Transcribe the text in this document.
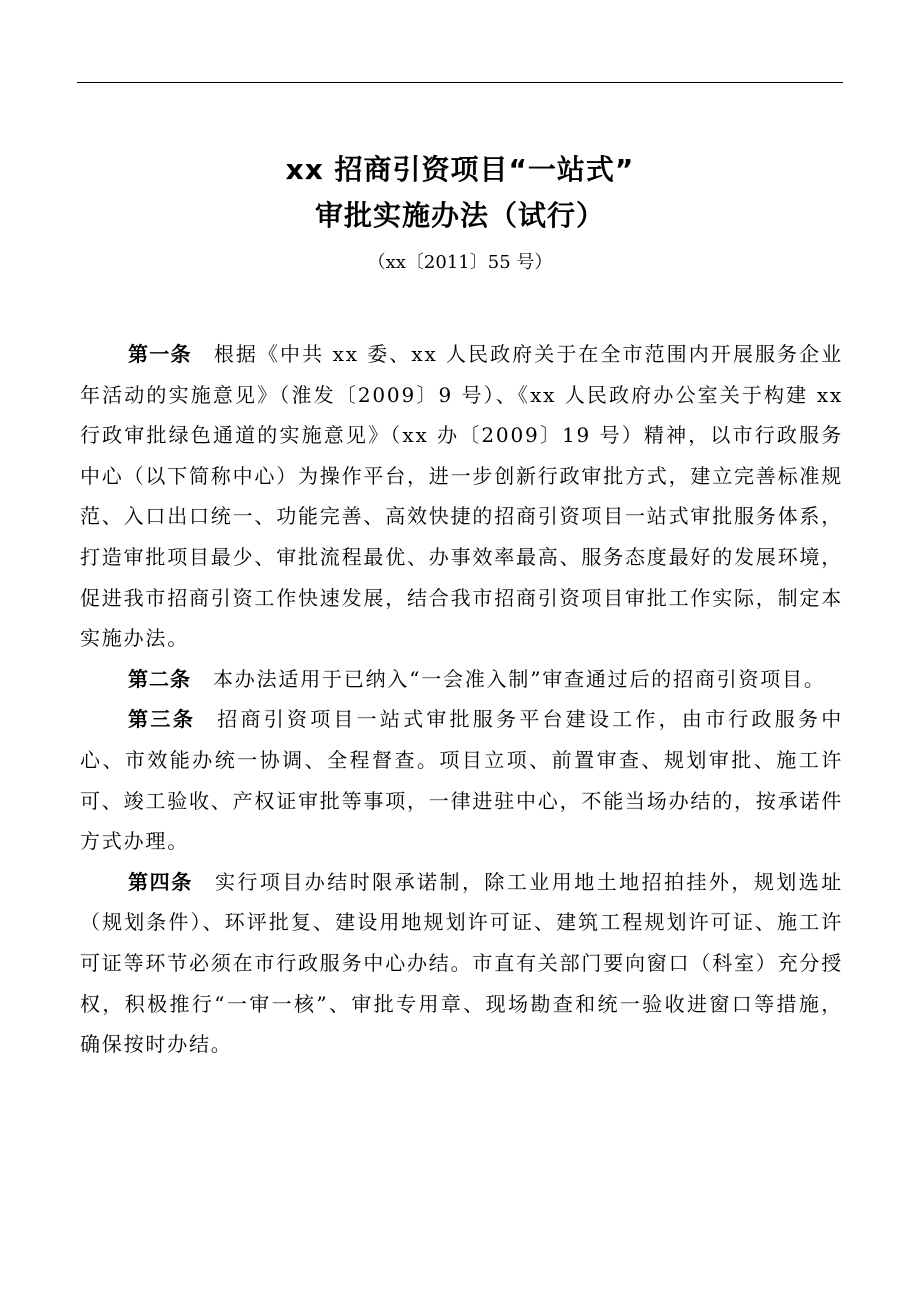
xx 招商引资项目“一站式”
审批实施办法（试行）
（xx〔2011〕55 号）

第一条 根据《中共 xx 委、xx 人民政府关于在全市范围内开展服务企业年活动的实施意见》（淮发〔2009〕9 号）、《xx 人民政府办公室关于构建 xx 行政审批绿色通道的实施意见》（xx 办〔2009〕19 号）精神，以市行政服务中心（以下简称中心）为操作平台，进一步创新行政审批方式，建立完善标准规范、入口出口统一、功能完善、高效快捷的招商引资项目一站式审批服务体系，打造审批项目最少、审批流程最优、办事效率最高、服务态度最好的发展环境，促进我市招商引资工作快速发展，结合我市招商引资项目审批工作实际，制定本实施办法。

第二条 本办法适用于已纳入“一会准入制”审查通过后的招商引资项目。

第三条 招商引资项目一站式审批服务平台建设工作，由市行政服务中心、市效能办统一协调、全程督查。项目立项、前置审查、规划审批、施工许可、竣工验收、产权证审批等事项，一律进驻中心，不能当场办结的，按承诺件方式办理。

第四条 实行项目办结时限承诺制，除工业用地土地招拍挂外，规划选址（规划条件）、环评批复、建设用地规划许可证、建筑工程规划许可证、施工许可证等环节必须在市行政服务中心办结。市直有关部门要向窗口（科室）充分授权，积极推行“一审一核”、审批专用章、现场勘查和统一验收进窗口等措施，确保按时办结。
